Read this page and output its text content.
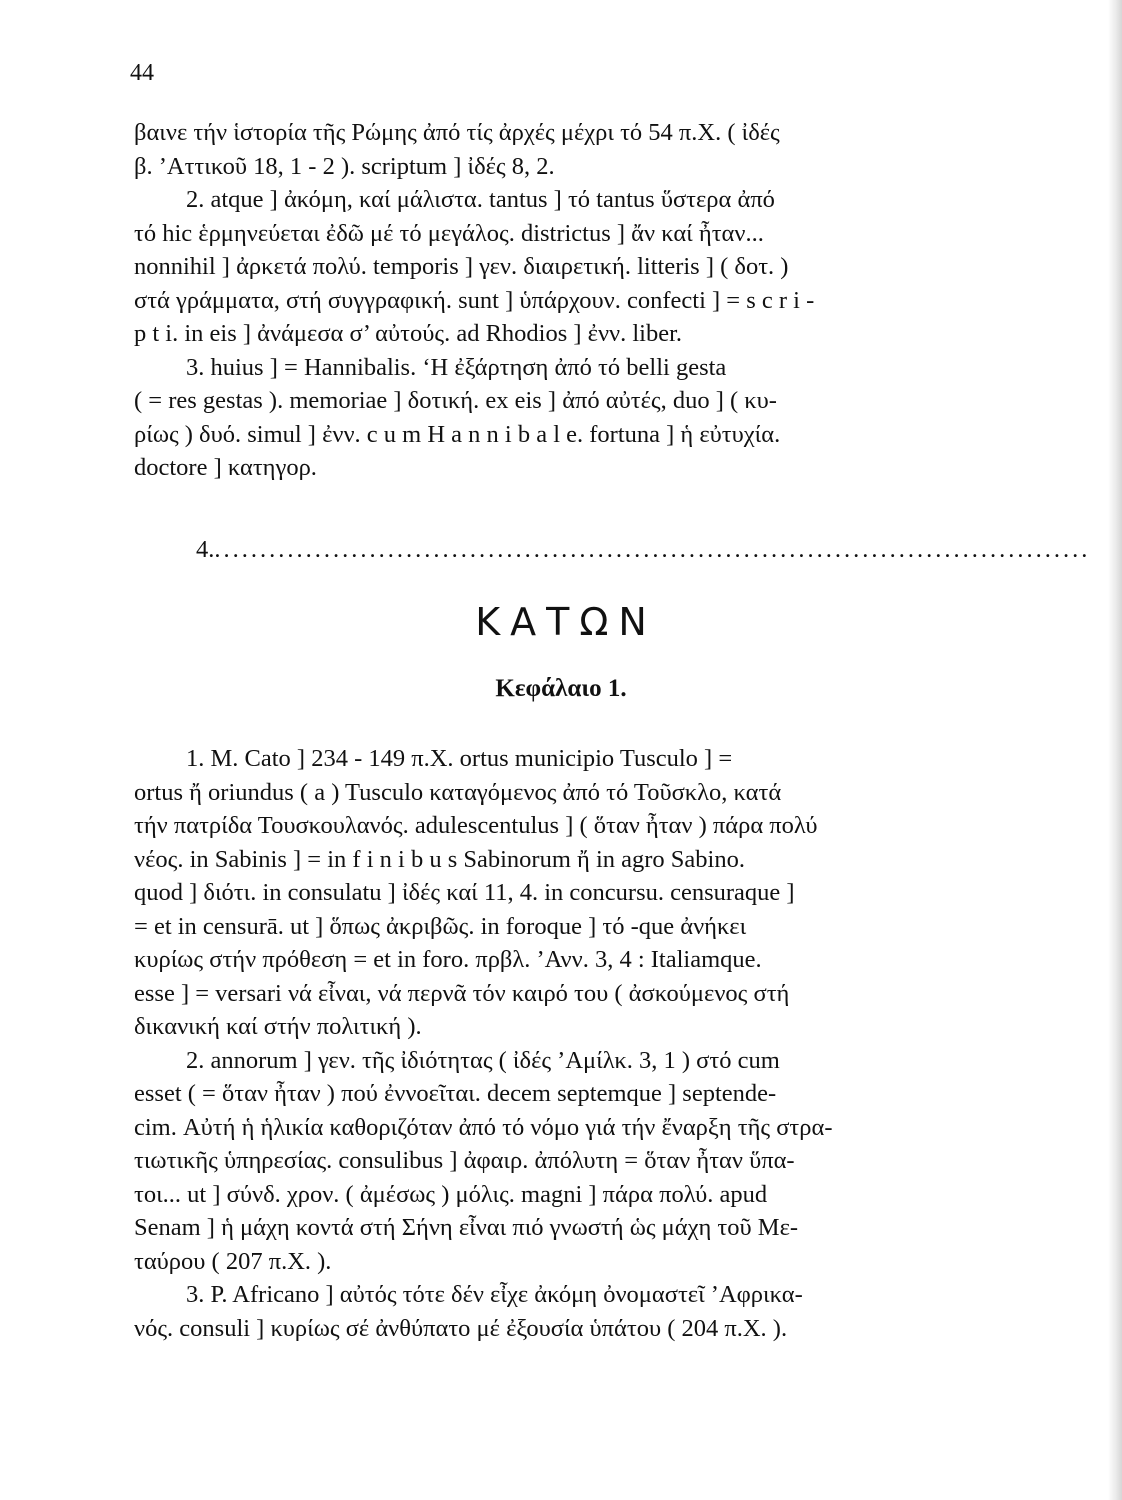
44
βαινε τήν ἱστορία τῆς Ρώμης ἀπό τίς ἀρχές μέχρι τό 54 π.Χ. ( ἰδές
β. ’Αττικοῦ 18, 1 - 2 ). scriptum ] ἰδές 8, 2.
2. atque ] ἀκόμη, καί μάλιστα. tantus ] τό tantus ὕστερα ἀπό
τό hic ἑρμηνεύεται ἐδῶ μέ τό μεγάλος. districtus ] ἄν καί ἦταν...
nonnihil ] ἀρκετά πολύ. temporis ] γεν. διαιρετική. litteris ] ( δοτ. )
στά γράμματα, στή συγγραφική. sunt ] ὑπάρχουν. confecti ] = s c r i -
p t i. in eis ] ἀνάμεσα σ’ αὐτούς. ad Rhodios ] ἐνν. liber.
3. huius ] = Hannibalis. ‘Η ἐξάρτηση ἀπό τό belli gesta
( = res gestas ). memoriae ] δοτική. ex eis ] ἀπό αὐτές, duo ] ( κυ-
ρίως ) δυό. simul ] ἐνν. c u m H a n n i b a l e. fortuna ] ἡ εὐτυχία.
doctore ] κατηγορ.
4.................................................................................................
ΚΑΤΩΝ
Κεφάλαιο 1.
1. M. Cato ] 234 - 149 π.Χ. ortus municipio Tusculo ] =
ortus ἤ oriundus ( a ) Tusculo καταγόμενος ἀπό τό Τοῦσκλο, κατά
τήν πατρίδα Τουσκουλανός. adulescentulus ] ( ὅταν ἦταν ) πάρα πολύ
νέος. in Sabinis ] = in f i n i b u s Sabinorum ἤ in agro Sabino.
quod ] διότι. in consulatu ] ἰδές καί 11, 4. in concursu. censuraque ]
= et in censurā. ut ] ὅπως ἀκριβῶς. in foroque ] τό -que ἀνήκει
κυρίως στήν πρόθεση = et in foro. πρβλ. ’Ανν. 3, 4 : Italiamque.
esse ] = versari νά εἶναι, νά περνᾶ τόν καιρό του ( ἀσκούμενος στή
δικανική καί στήν πολιτική ).
2. annorum ] γεν. τῆς ἰδιότητας ( ἰδές ’Αμίλκ. 3, 1 ) στό cum
esset ( = ὅταν ἦταν ) πού ἐννοεῖται. decem septemque ] septende-
cim. Αὐτή ἡ ἡλικία καθοριζόταν ἀπό τό νόμο γιά τήν ἔναρξη τῆς στρα-
τιωτικῆς ὑπηρεσίας. consulibus ] ἀφαιρ. ἀπόλυτη = ὅταν ἦταν ὕπα-
τοι... ut ] σύνδ. χρον. ( ἀμέσως ) μόλις. magni ] πάρα πολύ. apud
Senam ] ἡ μάχη κοντά στή Σήνη εἶναι πιό γνωστή ὡς μάχη τοῦ Με-
ταύρου ( 207 π.Χ. ).
3. P. Africano ] αὐτός τότε δέν εἶχε ἀκόμη ὀνομαστεῖ ’Αφρικα-
νός. consuli ] κυρίως σέ ἀνθύπατο μέ ἐξουσία ὑπάτου ( 204 π.Χ. ).
